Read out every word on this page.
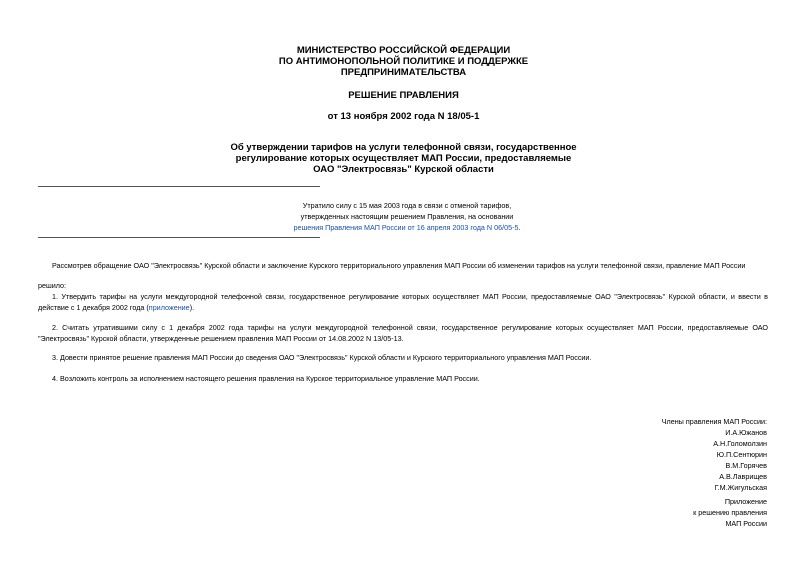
МИНИСТЕРСТВО РОССИЙСКОЙ ФЕДЕРАЦИИ
ПО АНТИМОНОПОЛЬНОЙ ПОЛИТИКЕ И ПОДДЕРЖКЕ
ПРЕДПРИНИМАТЕЛЬСТВА
РЕШЕНИЕ ПРАВЛЕНИЯ
от 13 ноября 2002 года N 18/05-1
Об утверждении тарифов на услуги телефонной связи, государственное
регулирование которых осуществляет МАП России, предоставляемые
ОАО "Электросвязь" Курской области
Утратило силу с 15 мая 2003 года в связи с отменой тарифов,
утвержденных настоящим решением Правления, на основании
решения Правления МАП России от 16 апреля 2003 года N 06/05-5.

Рассмотрев обращение ОАО "Электросвязь" Курской области и заключение Курского территориального управления МАП России об изменении тарифов на услуги телефонной связи, правление МАП России

решило:

1. Утвердить тарифы на услуги междугородной телефонной связи, государственное регулирование которых осуществляет МАП России, предоставляемые ОАО "Электросвязь" Курской области, и ввести в действие с 1 декабря 2002 года (приложение).

2. Считать утратившими силу с 1 декабря 2002 года тарифы на услуги междугородной телефонной связи, государственное регулирование которых осуществляет МАП России, предоставляемые ОАО "Электросвязь" Курской области, утвержденные решением правления МАП России от 14.08.2002 N 13/05-13.

3. Довести принятое решение правления МАП России до сведения ОАО "Электросвязь" Курской области и Курского территориального управления МАП России.

4. Возложить контроль за исполнением настоящего решения правления на Курское территориальное управление МАП России.

Члены правления МАП России:
И.А.Южанов
А.Н.Голомолзин
Ю.П.Сентюрин
В.М.Горячев
А.В.Лаврищев
Г.М.Жигульская
Приложение
к решению правления
МАП России
